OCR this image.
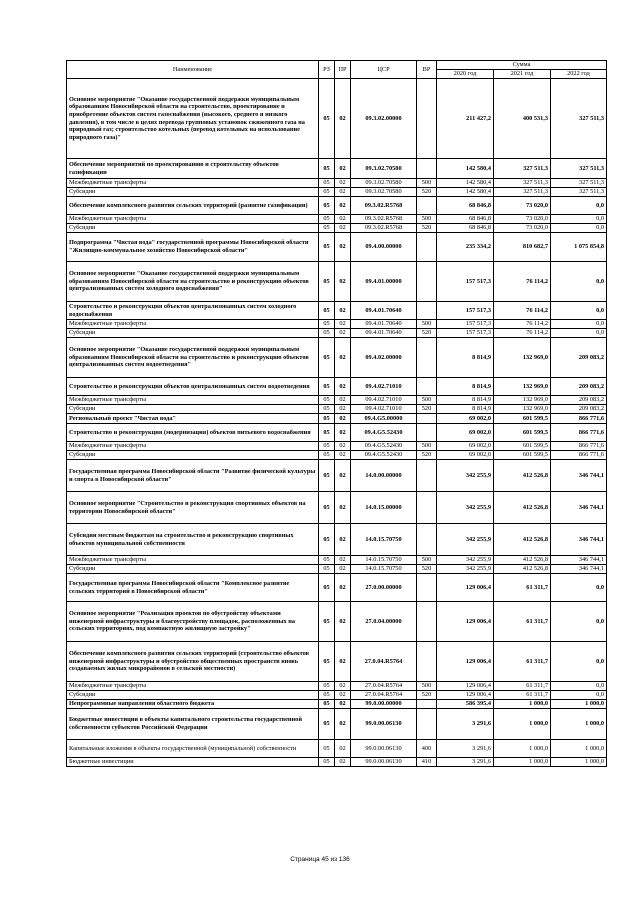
Наименование	РЗ	ПР	ЦСР	ВР	Сумма		
					2020 год	2021 год	2022 год
Основное мероприятие "Оказание государственной поддержки муниципальным образованиям Новосибирской области на строительство, проектирование и приобретение объектов систем газоснабжения (высокого, среднего и низкого давления), в том числе в целях перевода групповых установок сжиженного газа на природный газ; строительство котельных (перевод котельных на использование природного газа)"	05	02	09.3.02.00000		211 427,2	400 531,3	327 511,3
Обеспечение мероприятий по проектированию и строительству объектов газификации	05	02	09.3.02.70580		142 580,4	327 511,3	327 511,3
Межбюджетные трансферты	05	02	09.3.02.70580	500	142 580,4	327 511,3	327 511,3
Субсидии	05	02	09.3.02.70580	520	142 580,4	327 511,3	327 511,3
Обеспечение комплексного развития сельских территорий (развитие газификации)	05	02	09.3.02.R5768		68 846,8	73 020,0	0,0
Межбюджетные трансферты	05	02	09.3.02.R5768	500	68 846,8	73 020,0	0,0
Субсидии	05	02	09.3.02.R5768	520	68 846,8	73 020,0	0,0
Подпрограмма "Чистая вода" государственной программы Новосибирской области "Жилищно-коммунальное хозяйство Новосибирской области"	05	02	09.4.00.00000		235 334,2	810 682,7	1 075 854,8
Основное мероприятие "Оказание государственной поддержки муниципальным образованиям Новосибирской области на строительство и реконструкцию объектов централизованных систем холодного водоснабжения"	05	02	09.4.01.00000		157 517,3	76 114,2	0,0
Строительство и реконструкция объектов централизованных систем холодного водоснабжения	05	02	09.4.01.70640		157 517,3	76 114,2	0,0
Межбюджетные трансферты	05	02	09.4.01.70640	500	157 517,3	76 114,2	0,0
Субсидии	05	02	09.4.01.70640	520	157 517,3	76 114,2	0,0
Основное мероприятие "Оказание государственной поддержки муниципальным образованиям Новосибирской области на строительство и реконструкцию объектов централизованных систем водоотведения"	05	02	09.4.02.00000		8 814,9	132 969,0	209 083,2
Строительство и реконструкция объектов централизованных систем водоотведения	05	02	09.4.02.71010		8 814,9	132 969,0	209 083,2
Межбюджетные трансферты	05	02	09.4.02.71010	500	8 814,9	132 969,0	209 083,2
Субсидии	05	02	09.4.02.71010	520	8 814,9	132 969,0	209 083,2
Региональный проект "Чистая вода"	05	02	09.4.G5.00000		69 002,0	601 599,5	866 771,6
Строительство и реконструкция (модернизация) объектов питьевого водоснабжения	05	02	09.4.G5.52430		69 002,0	601 599,5	866 771,6
Межбюджетные трансферты	05	02	09.4.G5.52430	500	69 002,0	601 599,5	866 771,6
Субсидии	05	02	09.4.G5.52430	520	69 002,0	601 599,5	866 771,6
Государственная программа Новосибирской области "Развитие физической культуры и спорта в Новосибирской области"	05	02	14.0.00.00000		342 255,9	412 526,8	346 744,1
Основное мероприятие "Строительство и реконструкция спортивных объектов на территории Новосибирской области"	05	02	14.0.15.00000		342 255,9	412 526,8	346 744,1
Субсидии местным бюджетам на строительство и реконструкцию спортивных объектов муниципальной собственности	05	02	14.0.15.70750		342 255,9	412 526,8	346 744,1
Межбюджетные трансферты	05	02	14.0.15.70750	500	342 255,9	412 526,8	346 744,1
Субсидии	05	02	14.0.15.70750	520	342 255,9	412 526,8	346 744,1
Государственная программа Новосибирской области "Комплексное развитие сельских территорий в Новосибирской области"	05	02	27.0.00.00000		129 006,4	61 311,7	0,0
Основное мероприятие "Реализация проектов по обустройству объектами инженерной инфраструктуры и благоустройству площадок, расположенных на сельских территориях, под компактную жилищную застройку"	05	02	27.0.04.00000		129 006,4	61 311,7	0,0
Обеспечение комплексного развития сельских территорий (строительство объектов инженерной инфраструктуры и обустройство общественных пространств вновь создаваемых жилых микрорайонов в сельской местности)	05	02	27.0.04.R5764		129 006,4	61 311,7	0,0
Межбюджетные трансферты	05	02	27.0.04.R5764	500	129 006,4	61 311,7	0,0
Субсидии	05	02	27.0.04.R5764	520	129 006,4	61 311,7	0,0
Непрограммные направления областного бюджета	05	02	99.0.00.00000		586 395,4	1 000,0	1 000,0
Бюджетные инвестиции в объекты капитального строительства государственной собственности субъектов Российской Федерации	05	02	99.0.00.06130		3 291,6	1 000,0	1 000,0
Капитальные вложения в объекты государственной (муниципальной) собственности	05	02	99.0.00.06130	400	3 291,6	1 000,0	1 000,0
Бюджетные инвестиции	05	02	99.0.00.06130	410	3 291,6	1 000,0	1 000,0
Страница 45 из 136
